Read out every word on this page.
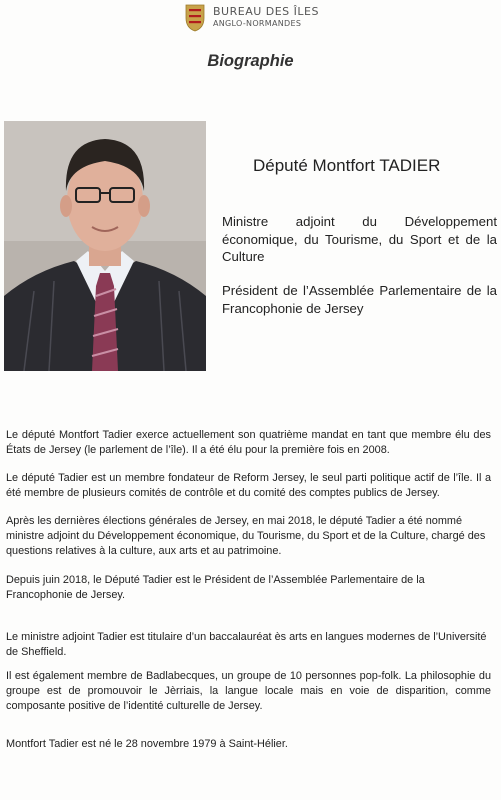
BUREAU DES ÎLES
ANGLO-NORMANDES
Biographie
Député Montfort TADIER
Ministre adjoint du Développement économique, du Tourisme, du Sport et de la Culture
Président de l’Assemblée Parlementaire de la Francophonie de Jersey
Le député Montfort Tadier exerce actuellement son quatrième mandat en tant que membre élu des États de Jersey (le parlement de l’île). Il a été élu pour la première fois en 2008.
Le député Tadier est un membre fondateur de Reform Jersey, le seul parti politique actif de l’île. Il a été membre de plusieurs comités de contrôle et du comité des comptes publics de Jersey.
Après les dernières élections générales de Jersey, en mai 2018, le député Tadier a été nommé ministre adjoint du Développement économique, du Tourisme, du Sport et de la Culture, chargé des questions relatives à la culture, aux arts et au patrimoine.
Depuis juin 2018, le Député Tadier est le Président de l’Assemblée Parlementaire de la Francophonie de Jersey.
Le ministre adjoint Tadier est titulaire d’un baccalauréat ès arts en langues modernes de l’Université de Sheffield.
Il est également membre de Badlabecques, un groupe de 10 personnes pop-folk. La philosophie du groupe est de promouvoir le Jèrriais, la langue locale mais en voie de disparition, comme composante positive de l’identité culturelle de Jersey.
Montfort Tadier est né le 28 novembre 1979 à Saint-Hélier.
